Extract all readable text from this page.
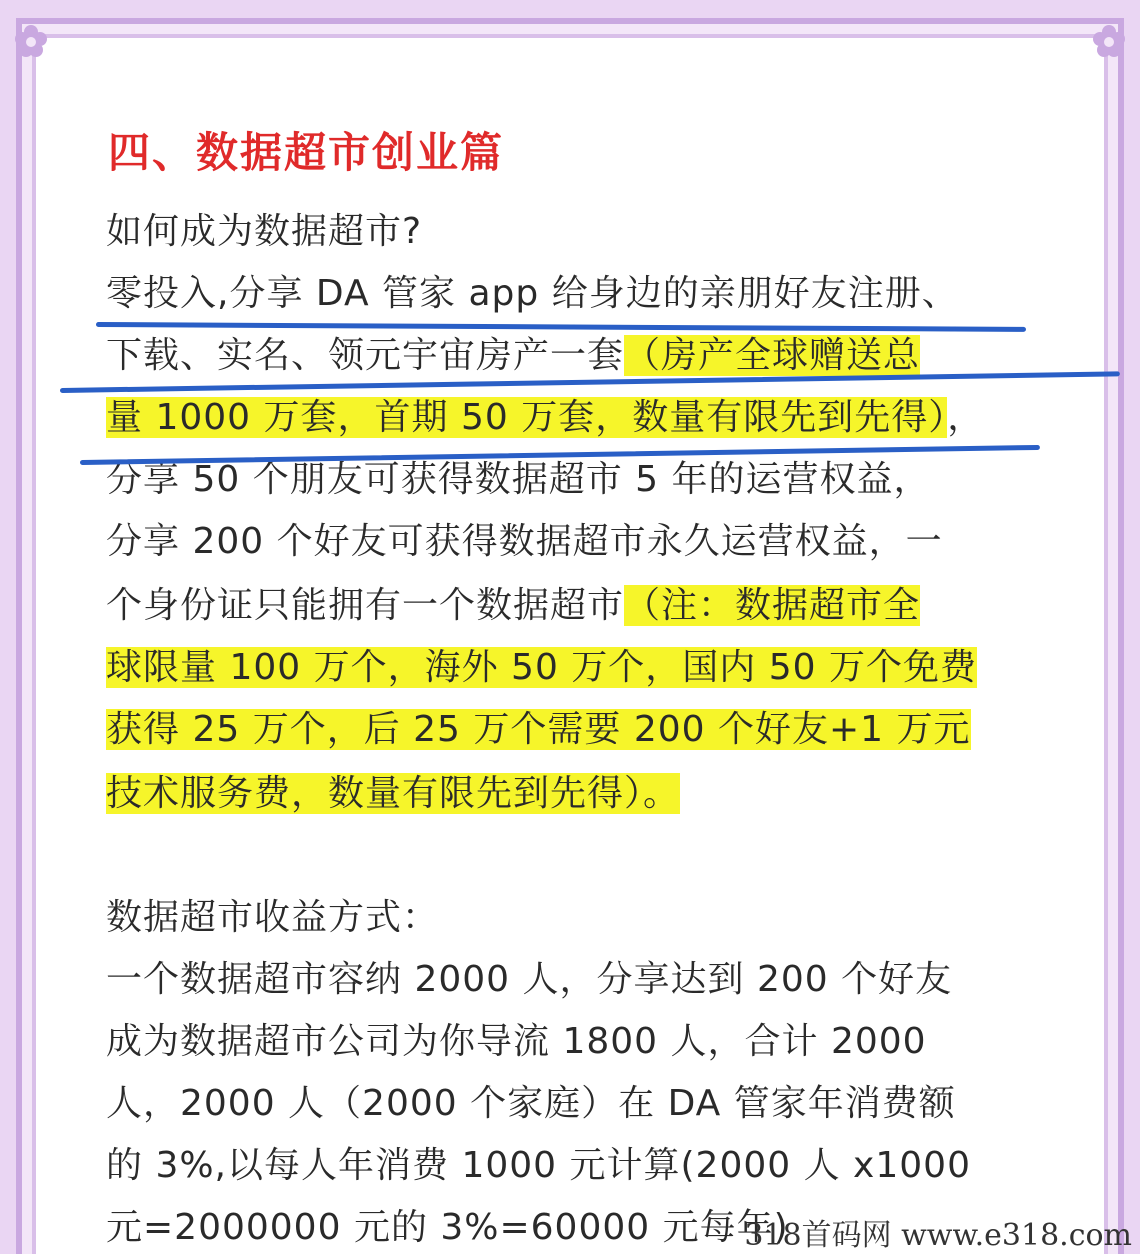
四、数据超市创业篇
如何成为数据超市?
零投入,分享 DA 管家 app 给身边的亲朋好友注册、
下载、实名、领元宇宙房产一套（房产全球赠送总
量 1000 万套，首期 50 万套，数量有限先到先得），
分享 50 个朋友可获得数据超市 5 年的运营权益，
分享 200 个好友可获得数据超市永久运营权益，一
个身份证只能拥有一个数据超市（注：数据超市全
球限量 100 万个，海外 50 万个，国内 50 万个免费
获得 25 万个，后 25 万个需要 200 个好友+1 万元
技术服务费，数量有限先到先得）。
数据超市收益方式：
一个数据超市容纳 2000 人，分享达到 200 个好友
成为数据超市公司为你导流 1800 人，合计 2000
人，2000 人（2000 个家庭）在 DA 管家年消费额
的 3%,以每人年消费 1000 元计算(2000 人 x1000
元=2000000 元的 3%=60000 元每年)
318首码网 www.e318.com
